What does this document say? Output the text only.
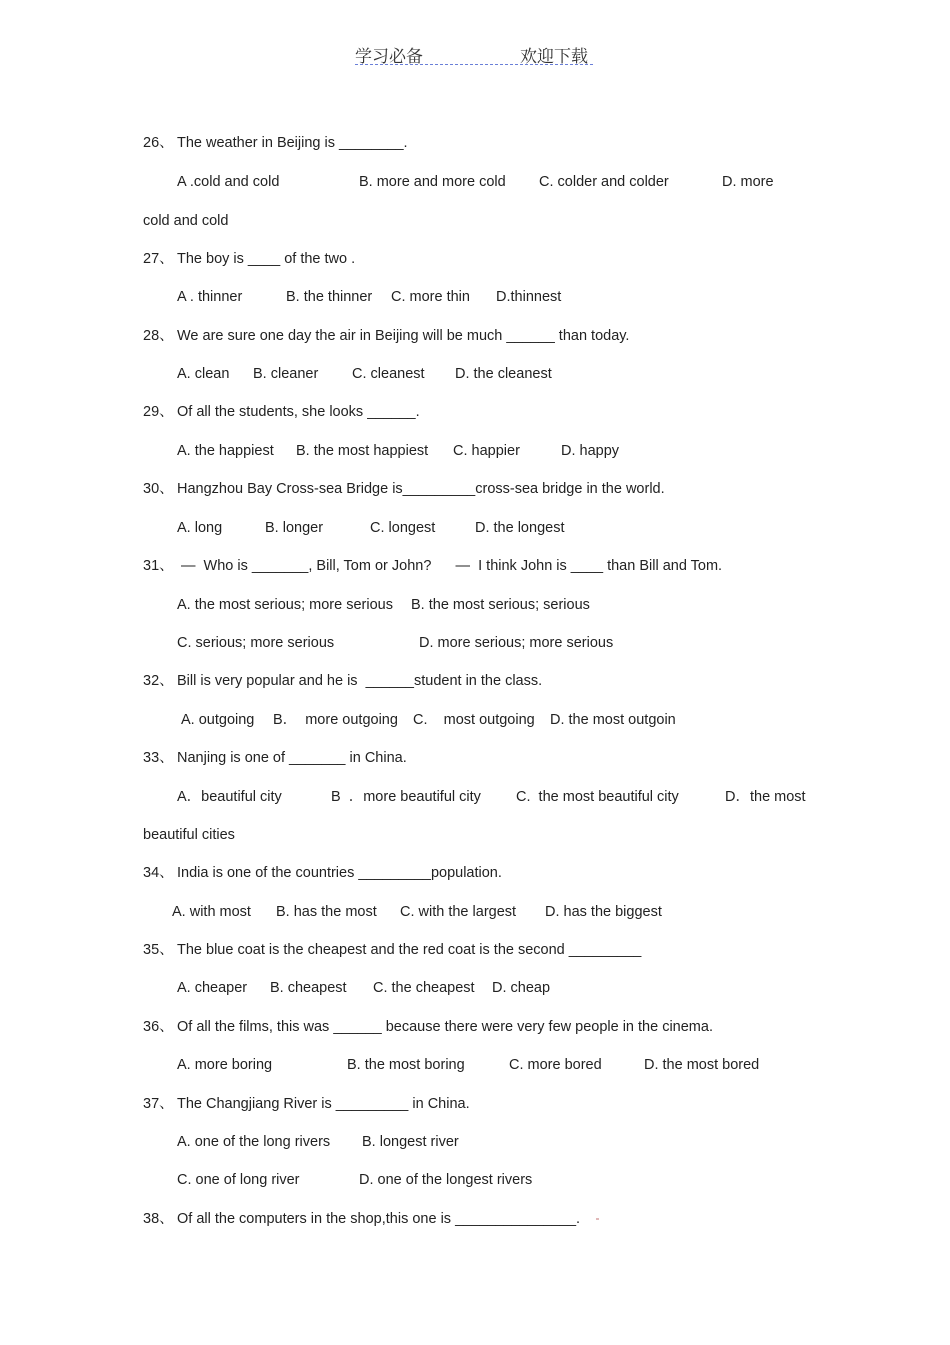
学习必备	欢迎下载
26、 The weather in Beijing is ________.
A .cold and cold	B. more and more cold C. colder and colder	D. more
cold and cold
27、 The boy is ____ of the two .
A . thinner	B. the thinner C. more thin D.thinnest
28、 We are sure one day the air in Beijing will be much ______ than today.
A. clean B. cleaner C. cleanest D. the cleanest
29、 Of all the students, she looks ______.
A. the happiest B. the most happiest C. happier	D. happy
30、 Hangzhou Bay Cross-sea Bridge is_________cross-sea bridge in the world.
A. long	B. longer	C. longest	D. the longest
31、 —  Who is _______, Bill, Tom or John?      —  I think John is ____ than Bill and Tom.
A. the most serious; more serious B. the most serious; serious
C. serious; more serious	D. more serious; more serious
32、 Bill is very popular and he is  ______student in the class.
A. outgoing B．  more outgoing C.    most outgoing D. the most outgoin
33、 Nanjing is one of _______ in China.
A．beautiful city	B  ．more beautiful city C.  the most beautiful city	D．the most
beautiful cities
34、 India is one of the countries _________population.
A. with most B. has the most C. with the largest D. has the biggest
35、 The blue coat is the cheapest and the red coat is the second _________
A. cheaper B. cheapest C. the cheapest D. cheap
36、 Of all the films, this was ______ because there were very few people in the cinema.
A. more boring	B. the most boring	C. more bored	D. the most bored
37、 The Changjiang River is _________ in China.
A. one of the long rivers B. longest river
C. one of long river	D. one of the longest rivers
38、 Of all the computers in the shop,this one is _______________.
